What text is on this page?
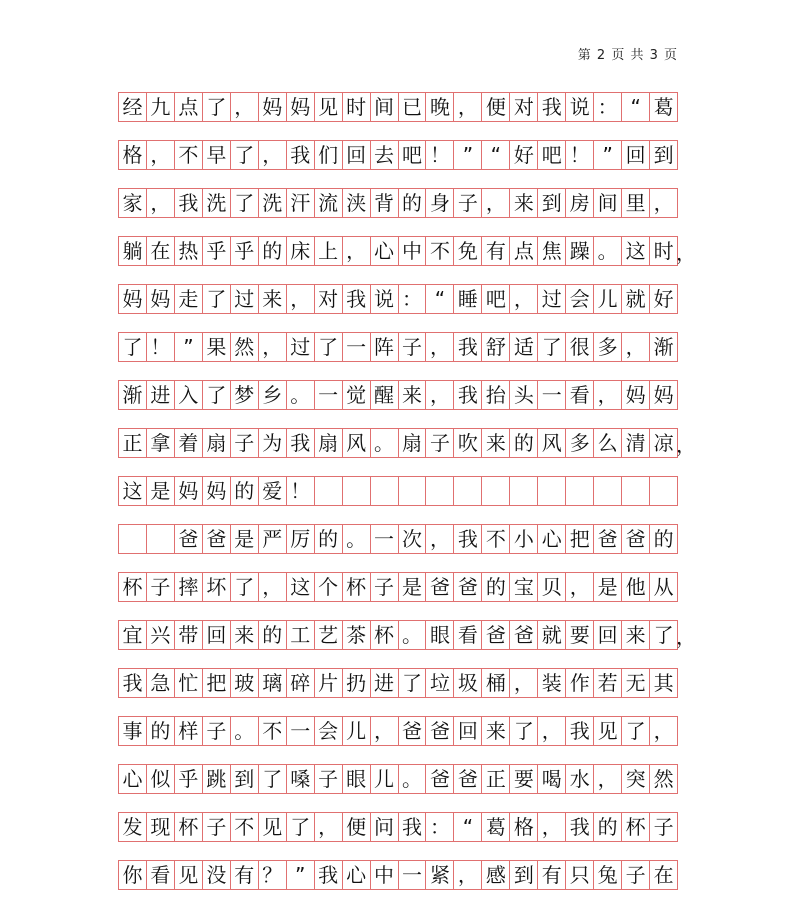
第 2 页 共 3 页
经 九 点 了 ， 妈 妈 见 时 间 已 晚 ， 便 对 我 说 ： “ 葛
格 ， 不 早 了 ， 我 们 回 去 吧 ！ ” “ 好 吧 ！ ” 回 到
家 ， 我 洗 了 洗 汗 流 浃 背 的 身 子 ， 来 到 房 间 里 ，
躺 在 热 乎 乎 的 床 上 ， 心 中 不 免 有 点 焦 躁 。 这 时 ，
妈 妈 走 了 过 来 ， 对 我 说 ： “ 睡 吧 ， 过 会 儿 就 好
了 ！ ” 果 然 ， 过 了 一 阵 子 ， 我 舒 适 了 很 多 ， 渐
渐 进 入 了 梦 乡 。 一 觉 醒 来 ， 我 抬 头 一 看 ， 妈 妈
正 拿 着 扇 子 为 我 扇 风 。 扇 子 吹 来 的 风 多 么 清 凉 ，
这 是 妈 妈 的 爱 ！
爸 爸 是 严 厉 的 。 一 次 ， 我 不 小 心 把 爸 爸 的
杯 子 摔 坏 了 ， 这 个 杯 子 是 爸 爸 的 宝 贝 ， 是 他 从
宜 兴 带 回 来 的 工 艺 茶 杯 。 眼 看 爸 爸 就 要 回 来 了 ，
我 急 忙 把 玻 璃 碎 片 扔 进 了 垃 圾 桶 ， 装 作 若 无 其
事 的 样 子 。 不 一 会 儿 ， 爸 爸 回 来 了 ， 我 见 了 ，
心 似 乎 跳 到 了 嗓 子 眼 儿 。 爸 爸 正 要 喝 水 ， 突 然
发 现 杯 子 不 见 了 ， 便 问 我 ： “ 葛 格 ， 我 的 杯 子
你 看 见 没 有 ？ ” 我 心 中 一 紧 ， 感 到 有 只 兔 子 在
